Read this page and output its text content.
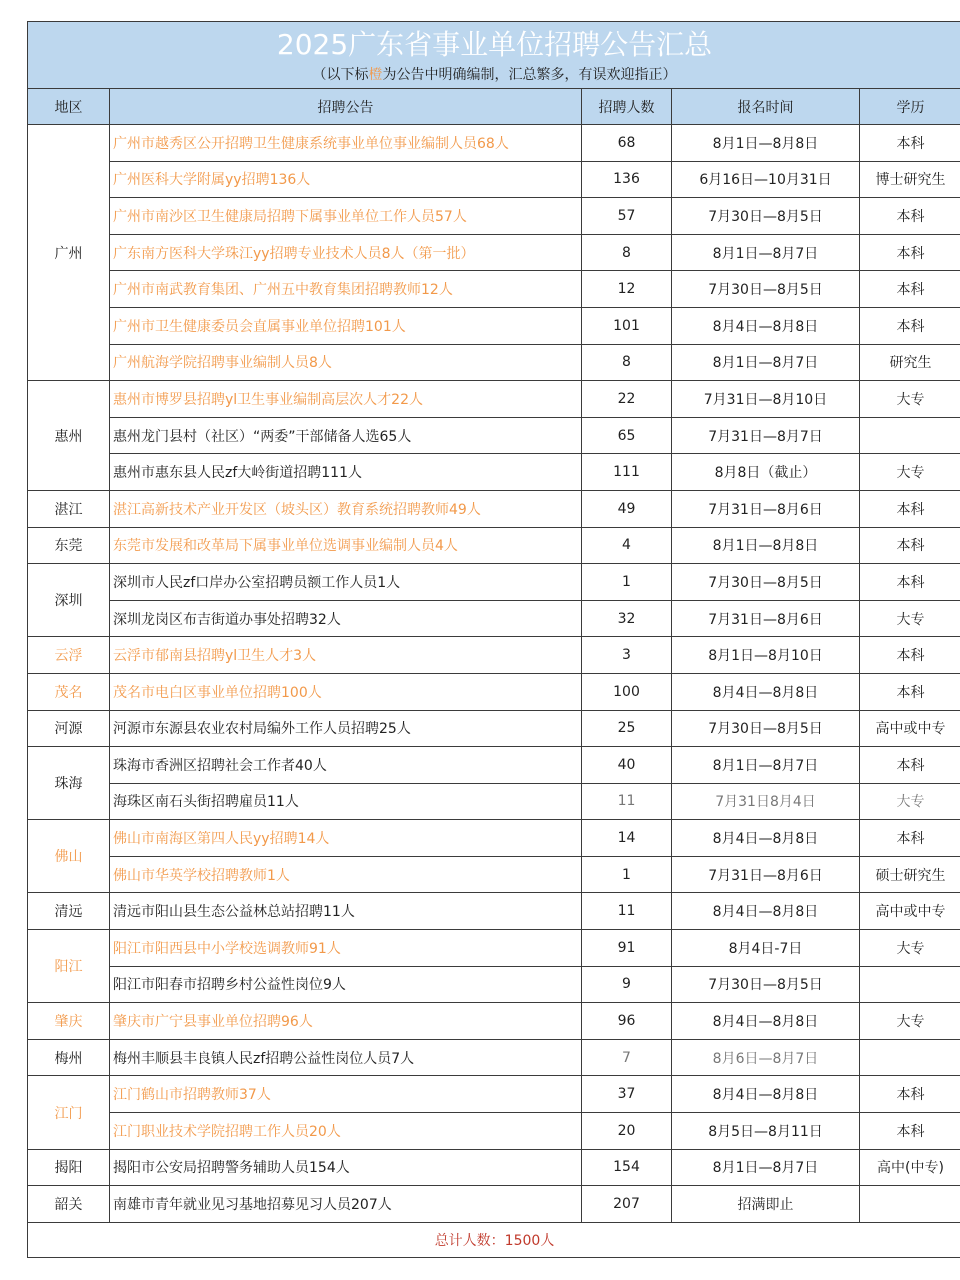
2025广东省事业单位招聘公告汇总
（以下标橙为公告中明确编制，汇总繁多，有误欢迎指正）				

地区	招聘公告	招聘人数	报名时间	学历
广州	广州市越秀区公开招聘卫生健康系统事业单位事业编制人员68人	68	8月1日—8月8日	本科
	广州医科大学附属yy招聘136人	136	6月16日—10月31日	博士研究生
	广州市南沙区卫生健康局招聘下属事业单位工作人员57人	57	7月30日—8月5日	本科
	广东南方医科大学珠江yy招聘专业技术人员8人（第一批）	8	8月1日—8月7日	本科
	广州市南武教育集团、广州五中教育集团招聘教师12人	12	7月30日—8月5日	本科
	广州市卫生健康委员会直属事业单位招聘101人	101	8月4日—8月8日	本科
	广州航海学院招聘事业编制人员8人	8	8月1日—8月7日	研究生
惠州	惠州市博罗县招聘yl卫生事业编制高层次人才22人	22	7月31日—8月10日	大专
	惠州龙门县村（社区）“两委”干部储备人选65人	65	7月31日—8月7日	
	惠州市惠东县人民zf大岭街道招聘111人	111	8月8日（截止）	大专
湛江	湛江高新技术产业开发区（坡头区）教育系统招聘教师49人	49	7月31日—8月6日	本科
东莞	东莞市发展和改革局下属事业单位选调事业编制人员4人	4	8月1日—8月8日	本科
深圳	深圳市人民zf口岸办公室招聘员额工作人员1人	1	7月30日—8月5日	本科
	深圳龙岗区布吉街道办事处招聘32人	32	7月31日—8月6日	大专
云浮	云浮市郁南县招聘yl卫生人才3人	3	8月1日—8月10日	本科
茂名	茂名市电白区事业单位招聘100人	100	8月4日—8月8日	本科
河源	河源市东源县农业农村局编外工作人员招聘25人	25	7月30日—8月5日	高中或中专
珠海	珠海市香洲区招聘社会工作者40人	40	8月1日—8月7日	本科
	海珠区南石头街招聘雇员11人	11	7月31日8月4日	大专
佛山	佛山市南海区第四人民yy招聘14人	14	8月4日—8月8日	本科
	佛山市华英学校招聘教师1人	1	7月31日—8月6日	硕士研究生
清远	清远市阳山县生态公益林总站招聘11人	11	8月4日—8月8日	高中或中专
阳江	阳江市阳西县中小学校选调教师91人	91	8月4日-7日	大专
	阳江市阳春市招聘乡村公益性岗位9人	9	7月30日—8月5日	
肇庆	肇庆市广宁县事业单位招聘96人	96	8月4日—8月8日	大专
梅州	梅州丰顺县丰良镇人民zf招聘公益性岗位人员7人	7	8月6日—8月7日	
江门	江门鹤山市招聘教师37人	37	8月4日—8月8日	本科
	江门职业技术学院招聘工作人员20人	20	8月5日—8月11日	本科
揭阳	揭阳市公安局招聘警务辅助人员154人	154	8月1日—8月7日	高中(中专)
韶关	南雄市青年就业见习基地招募见习人员207人	207	招满即止	
总计人数：1500人				
